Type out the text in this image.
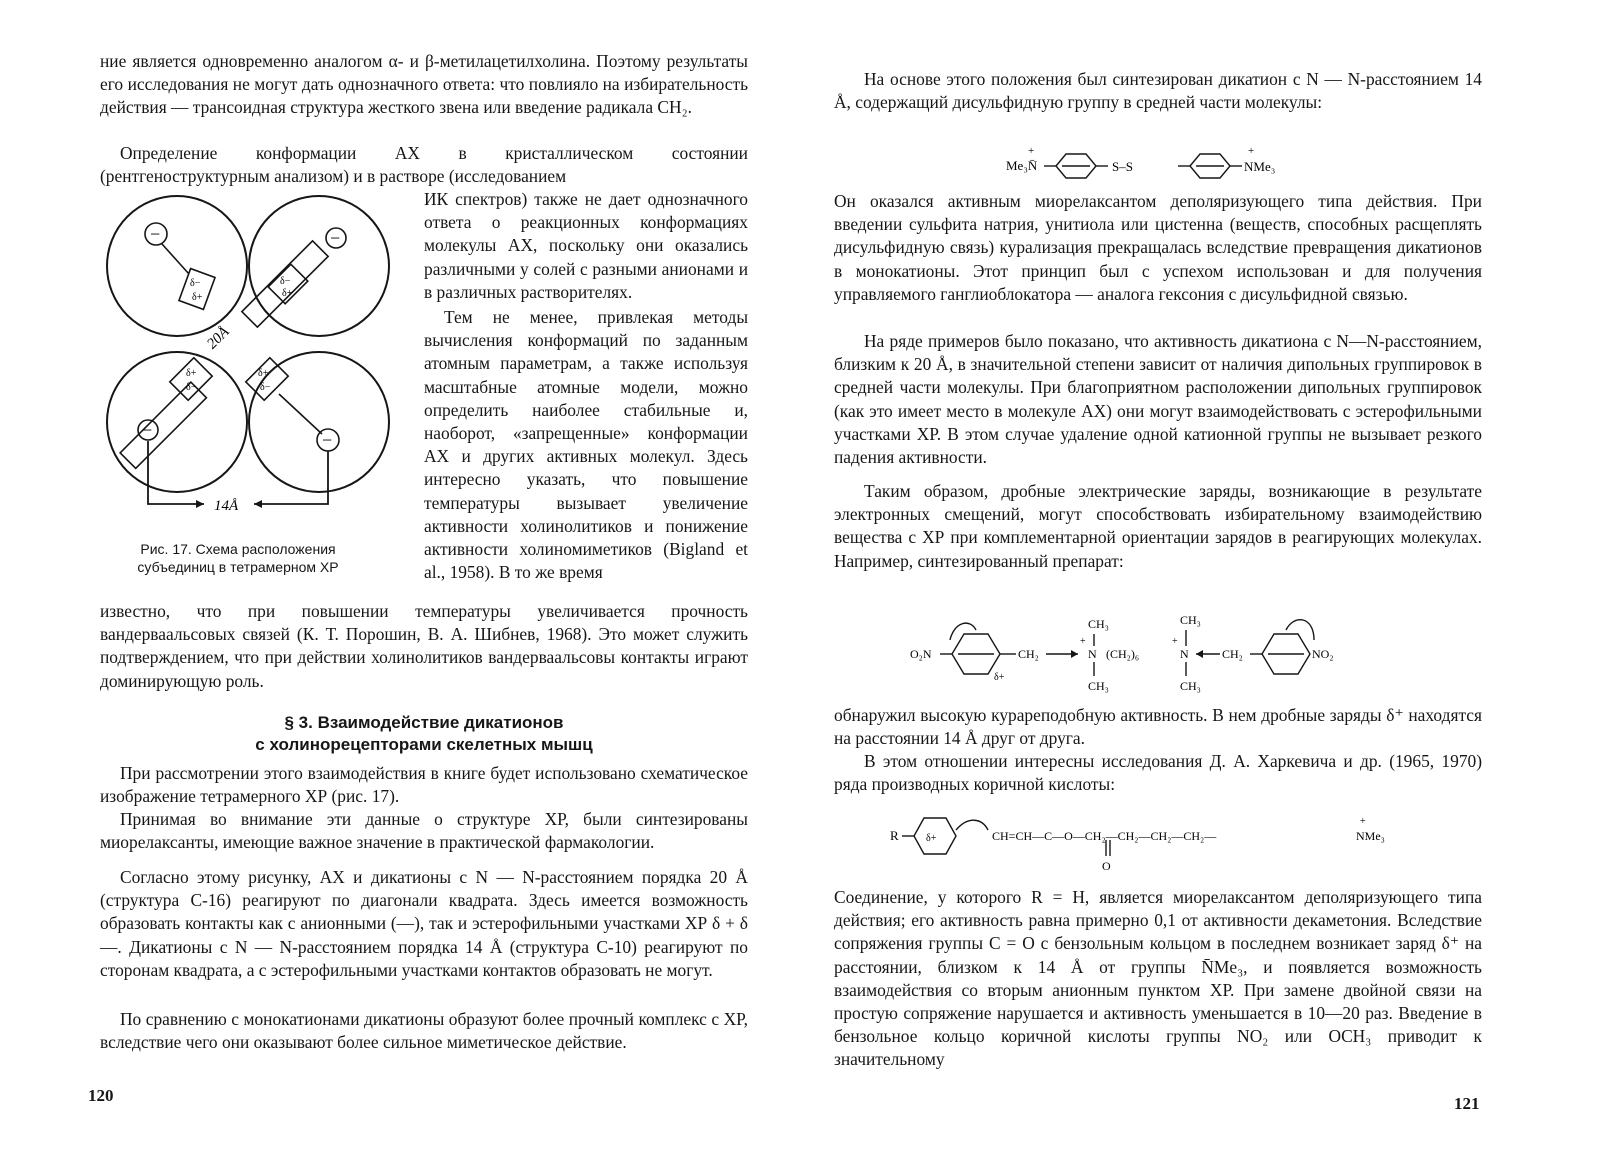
ние является одновременно аналогом α- и β-метилацетилхолина. Поэтому результаты его исследования не могут дать однозначного ответа: что повлияло на избирательность действия — трансоидная структура жесткого звена или введение радикала CH₂.

Определение конформации АХ в кристаллическом состоянии (рентгеноструктурным анализом) и в растворе (исследованием

ИК спектров) также не дает однозначного ответа о реакционных конформациях молекулы АХ, поскольку они оказались различными у солей с разными анионами и в различных растворителях.

Тем не менее, привлекая методы вычисления конформаций по заданным атомным параметрам, а также используя масштабные атомные модели, можно определить наиболее стабильные и, наоборот, «запрещенные» конформации АХ и других активных молекул. Здесь интересно указать, что повышение температуры вызывает увеличение активности холинолитиков и понижение активности холиномиметиков (Bigland et al., 1958). В то же время

известно, что при повышении температуры увеличивается прочность вандерваальсовых связей (К. Т. Порошин, В. А. Шибнев, 1968). Это может служить подтверждением, что при действии холинолитиков вандерваальсовы контакты играют доминирующую роль.

−
δ−
δ+
−
δ−
δ+
20Å
−
δ+
δ−
−
δ+
δ−
14Å
Рис. 17. Схема расположения субъединиц в тетрамерном ХР
§ 3. Взаимодействие дикатионов
с холинорецепторами скелетных мышц

При рассмотрении этого взаимодействия в книге будет использовано схематическое изображение тетрамерного ХР (рис. 17).

Принимая во внимание эти данные о структуре ХР, были синтезированы миорелаксанты, имеющие важное значение в практической фармакологии.

Согласно этому рисунку, АХ и дикатионы с N — N-расстоянием порядка 20 Å (структура С-16) реагируют по диагонали квадрата. Здесь имеется возможность образовать контакты как с анионными (—), так и эстерофильными участками ХР δ + δ —. Дикатионы с N — N-расстоянием порядка 14 Å (структура С-10) реагируют по сторонам квадрата, а с эстерофильными участками контактов образовать не могут.

По сравнению с монокатионами дикатионы образуют более прочный комплекс с ХР, вследствие чего они оказывают более сильное миметическое действие.

120

На основе этого положения был синтезирован дикатион с N — N-расстоянием 14 Å, содержащий дисульфидную группу в средней части молекулы:

Me₃N̄
+
S–S	NMe₃
+

Он оказался активным миорелаксантом деполяризующего типа действия. При введении сульфита натрия, унитиола или цистенна (веществ, способных расщеплять дисульфидную связь) курализация прекращалась вследствие превращения дикатионов в монокатионы. Этот принцип был с успехом использован и для получения управляемого ганглиоблокатора — аналога гексония с дисульфидной связью.

На ряде примеров было показано, что активность дикатиона с N—N-расстоянием, близким к 20 Å, в значительной степени зависит от наличия дипольных группировок в средней части молекулы. При благоприятном расположении дипольных группировок (как это имеет место в молекуле АХ) они могут взаимодействовать с эстерофильными участками ХР. В этом случае удаление одной катионной группы не вызывает резкого падения активности.

Таким образом, дробные электрические заряды, возникающие в результате электронных смещений, могут способствовать избирательному взаимодействию вещества с ХР при комплементарной ориентации зарядов в реагирующих молекулах. Например, синтезированный препарат:

O₂N
δ+
CH₂
CH₃
+
N
CH₃
(CH₂)₆
+
N
CH₃
CH₃
CH₂	NO₂

обнаружил высокую курареподобную активность. В нем дробные заряды δ⁺ находятся на расстоянии 14 Å друг от друга.

В этом отношении интересны исследования Д. А. Харкевича и др. (1965, 1970) ряда производных коричной кислоты:

R	δ+	CH=CH—C—O—CH₂—CH₂—CH₂—CH₂—
O
NMe₃
+

Соединение, у которого R = H, является миорелаксантом деполяризующего типа действия; его активность равна примерно 0,1 от активности декаметония. Вследствие сопряжения группы C = O с бензольным кольцом в последнем возникает заряд δ⁺ на расстоянии, близком к 14 Å от группы N̄Me₃, и появляется возможность взаимодействия со вторым анионным пунктом ХР. При замене двойной связи на простую сопряжение нарушается и активность уменьшается в 10—20 раз. Введение в бензольное кольцо коричной кислоты группы NO₂ или OCH₃ приводит к значительному

121
